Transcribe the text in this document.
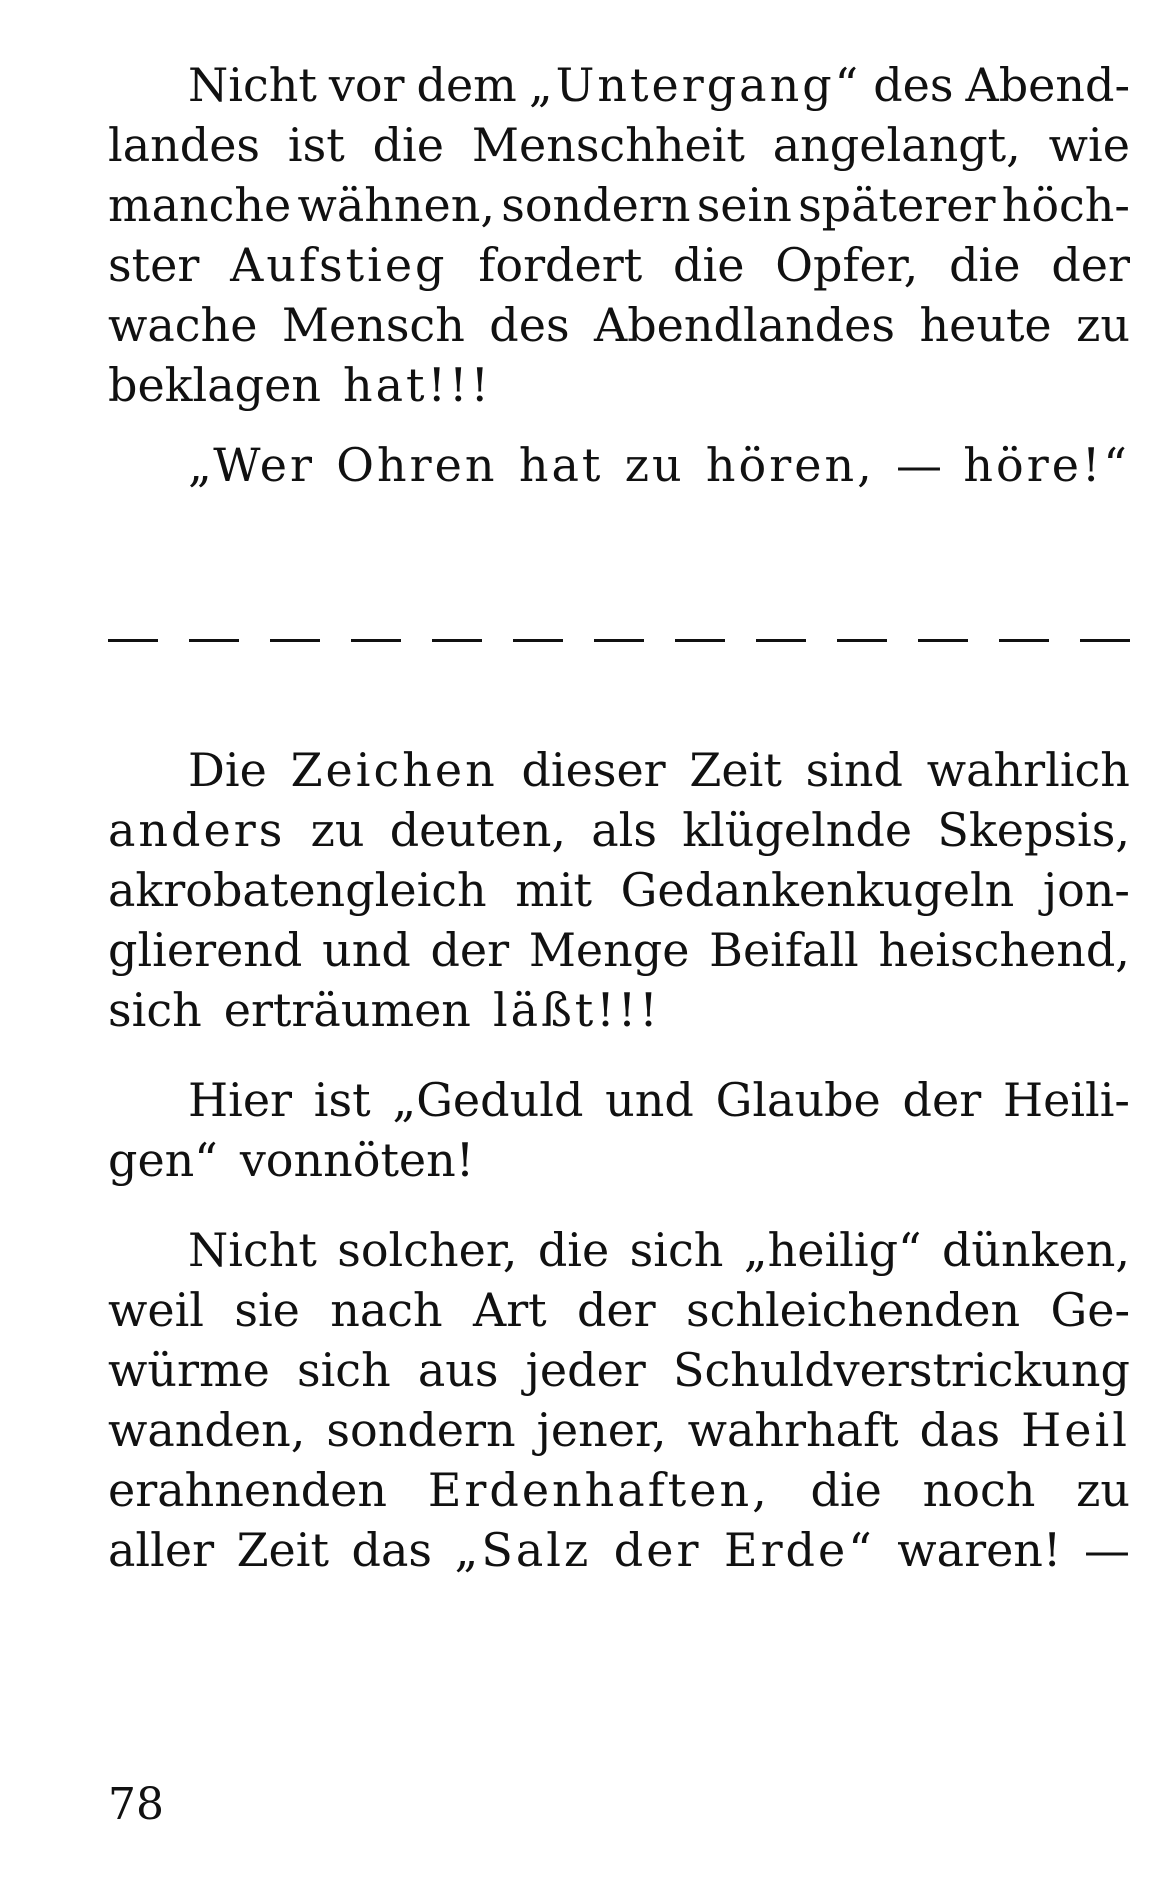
Nicht vor dem „Untergang“ des Abend-
landes ist die Menschheit angelangt, wie
manche wähnen, sondern sein späterer höch-
ster Aufstieg fordert die Opfer, die der
wache Mensch des Abendlandes heute zu
beklagen hat!!!
„Wer Ohren hat zu hören, — höre!“
Die Zeichen dieser Zeit sind wahrlich
anders zu deuten, als klügelnde Skepsis,
akrobatengleich mit Gedankenkugeln jon-
glierend und der Menge Beifall heischend,
sich erträumen läßt!!!
Hier ist „Geduld und Glaube der Heili-
gen“ vonnöten!
Nicht solcher, die sich „heilig“ dünken,
weil sie nach Art der schleichenden Ge-
würme sich aus jeder Schuldverstrickung
wanden, sondern jener, wahrhaft das Heil
erahnenden Erdenhaften, die noch zu
aller Zeit das „Salz der Erde“ waren! —
78
